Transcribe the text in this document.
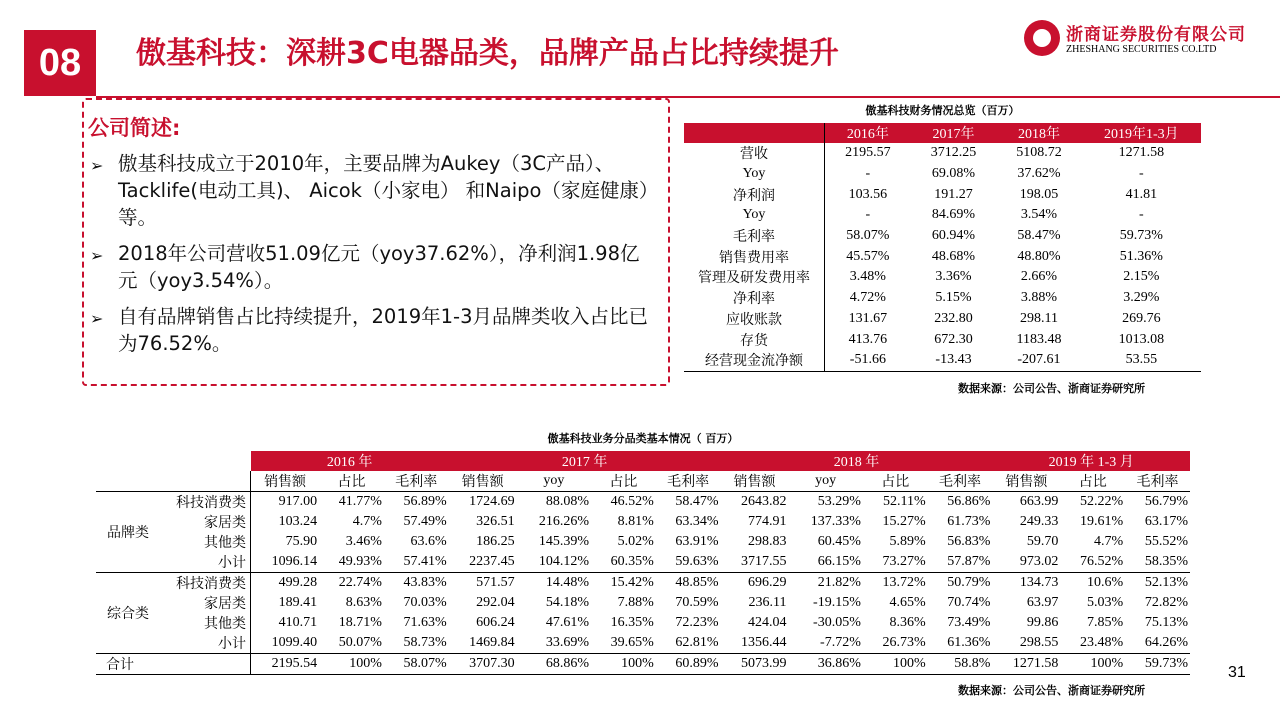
08	傲基科技：深耕3C电器品类，品牌产品占比持续提升
浙商证券股份有限公司
ZHESHANG SECURITIES CO.LTD
公司简述:
➢ 傲基科技成立于2010年，主要品牌为Aukey（3C产品）、Tacklife(电动工具)、 Aicok（小家电） 和Naipo（家庭健康）等。
➢ 2018年公司营收51.09亿元（yoy37.62%），净利润1.98亿元（yoy3.54%）。
➢ 自有品牌销售占比持续提升，2019年1-3月品牌类收入占比已为76.52%。
傲基科技财务情况总览（百万）
	2016年	2017年	2018年	2019年1-3月
营收	2195.57	3712.25	5108.72	1271.58
Yoy	-	69.08%	37.62%	-
净利润	103.56	191.27	198.05	41.81
Yoy	-	84.69%	3.54%	-
毛利率	58.07%	60.94%	58.47%	59.73%
销售费用率	45.57%	48.68%	48.80%	51.36%
管理及研发费用率	3.48%	3.36%	2.66%	2.15%
净利率	4.72%	5.15%	3.88%	3.29%
应收账款	131.67	232.80	298.11	269.76
存货	413.76	672.30	1183.48	1013.08
经营现金流净额	-51.66	-13.43	-207.61	53.55
数据来源：公司公告、浙商证券研究所
傲基科技业务分品类基本情况（ 百万）
		2016 年			2017 年				2018 年				2019 年 1-3 月		
		销售额	占比	毛利率	销售额	yoy	占比	毛利率	销售额	yoy	占比	毛利率	销售额	占比	毛利率
品牌类	科技消费类	917.00	41.77%	56.89%	1724.69	88.08%	46.52%	58.47%	2643.82	53.29%	52.11%	56.86%	663.99	52.22%	56.79%
	家居类	103.24	4.7%	57.49%	326.51	216.26%	8.81%	63.34%	774.91	137.33%	15.27%	61.73%	249.33	19.61%	63.17%
	其他类	75.90	3.46%	63.6%	186.25	145.39%	5.02%	63.91%	298.83	60.45%	5.89%	56.83%	59.70	4.7%	55.52%
	小计	1096.14	49.93%	57.41%	2237.45	104.12%	60.35%	59.63%	3717.55	66.15%	73.27%	57.87%	973.02	76.52%	58.35%
综合类	科技消费类	499.28	22.74%	43.83%	571.57	14.48%	15.42%	48.85%	696.29	21.82%	13.72%	50.79%	134.73	10.6%	52.13%
	家居类	189.41	8.63%	70.03%	292.04	54.18%	7.88%	70.59%	236.11	-19.15%	4.65%	70.74%	63.97	5.03%	72.82%
	其他类	410.71	18.71%	71.63%	606.24	47.61%	16.35%	72.23%	424.04	-30.05%	8.36%	73.49%	99.86	7.85%	75.13%
	小计	1099.40	50.07%	58.73%	1469.84	33.69%	39.65%	62.81%	1356.44	-7.72%	26.73%	61.36%	298.55	23.48%	64.26%
合计		2195.54	100%	58.07%	3707.30	68.86%	100%	60.89%	5073.99	36.86%	100%	58.8%	1271.58	100%	59.73%
数据来源：公司公告、浙商证券研究所
31
